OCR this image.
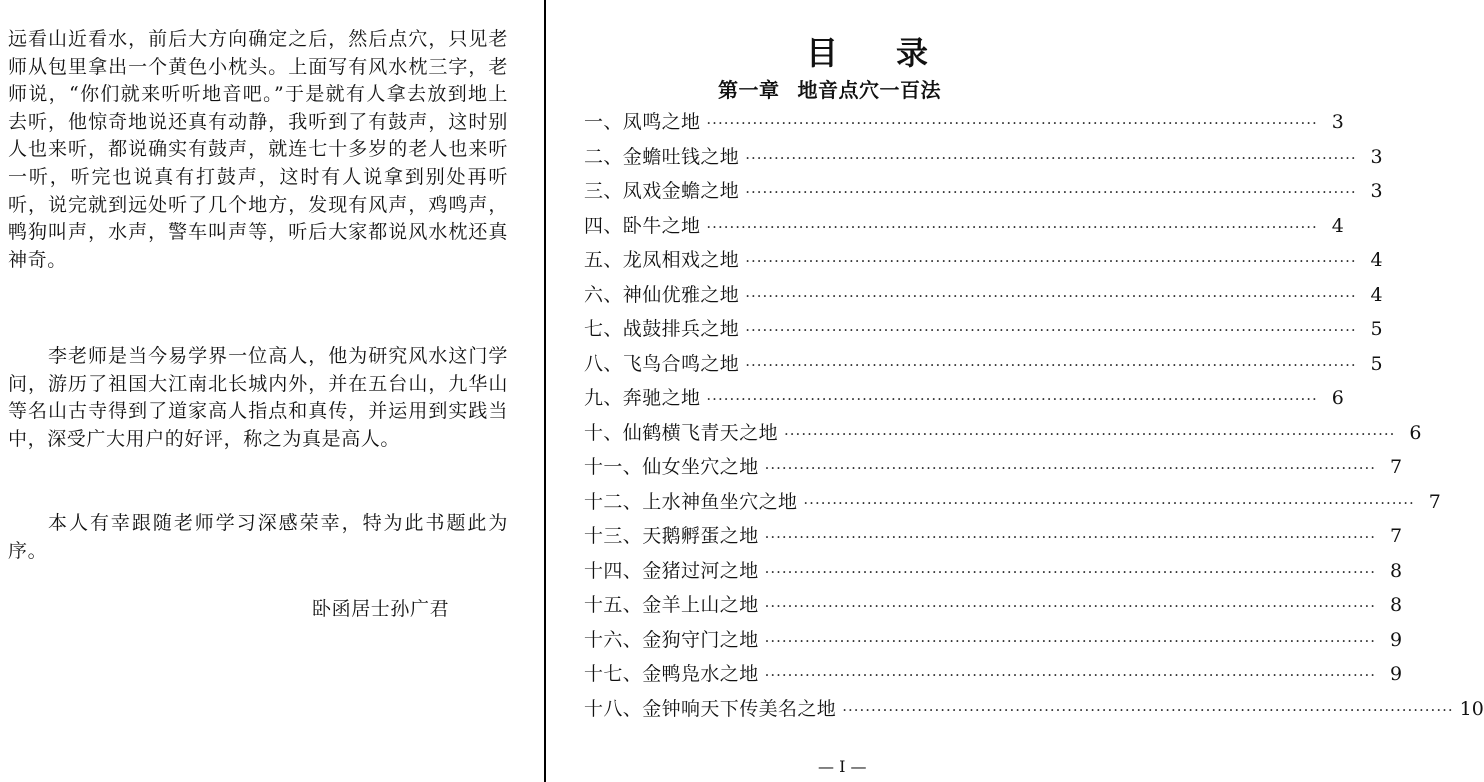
远看山近看水，前后大方向确定之后，然后点穴，只见老师从包里拿出一个黄色小枕头。上面写有风水枕三字，老师说，“你们就来听听地音吧。”于是就有人拿去放到地上去听，他惊奇地说还真有动静，我听到了有鼓声，这时别人也来听，都说确实有鼓声，就连七十多岁的老人也来听一听，听完也说真有打鼓声，这时有人说拿到别处再听听，说完就到远处听了几个地方，发现有风声，鸡鸣声，鸭狗叫声，水声，警车叫声等，听后大家都说风水枕还真神奇。

李老师是当今易学界一位高人，他为研究风水这门学问，游历了祖国大江南北长城内外，并在五台山，九华山等名山古寺得到了道家高人指点和真传，并运用到实践当中，深受广大用户的好评，称之为真是高人。

本人有幸跟随老师学习深感荣幸，特为此书题此为序。

卧函居士孙广君

目录
第一章 地音点穴一百法
一、凤鸣之地 ·····	3
二、金蟾吐钱之地 ·····	3
三、凤戏金蟾之地 ·····	3
四、卧牛之地 ·····	4
五、龙凤相戏之地 ·····	4
六、神仙优雅之地 ·····	4
七、战鼓排兵之地 ·····	5
八、飞鸟合鸣之地 ·····	5
九、奔驰之地 ·····	6
十、仙鹤横飞青天之地 ·····	6
十一、仙女坐穴之地 ·····	7
十二、上水神鱼坐穴之地 ·····	7
十三、天鹅孵蛋之地 ·····	7
十四、金猪过河之地 ·····	8
十五、金羊上山之地 ·····	8
十六、金狗守门之地 ·····	9
十七、金鸭凫水之地 ·····	9
十八、金钟响天下传美名之地 ·····	10

— I —
